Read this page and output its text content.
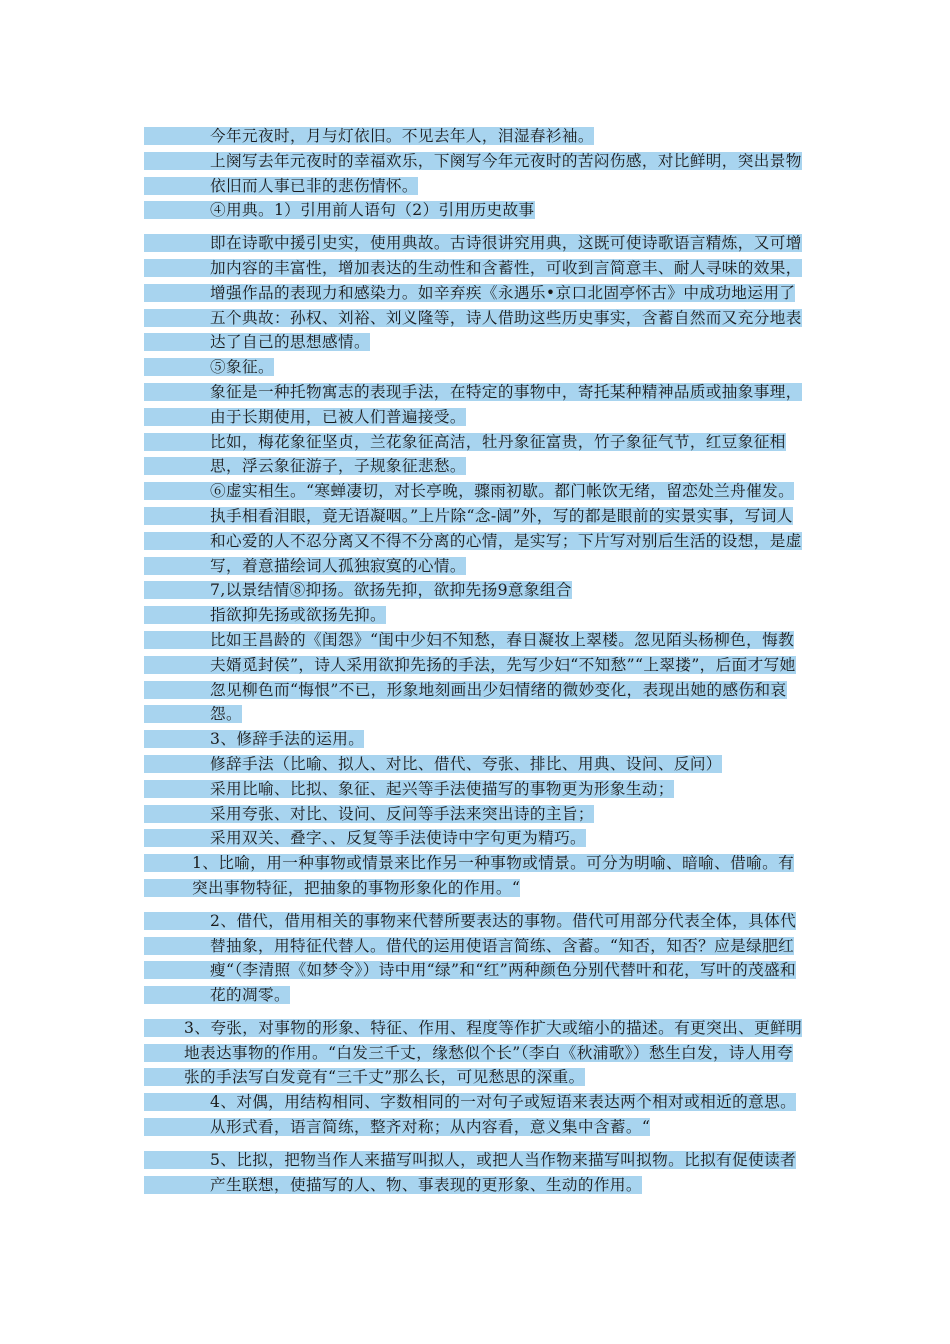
今年元夜时，月与灯依旧。不见去年人，泪湿春衫袖。

上阕写去年元夜时的幸福欢乐，下阕写今年元夜时的苦闷伤感，对比鲜明，突出景物依旧而人事已非的悲伤情怀。

④用典。1）引用前人语句（2）引用历史故事

即在诗歌中援引史实，使用典故。古诗很讲究用典，这既可使诗歌语言精炼，又可增加内容的丰富性，增加表达的生动性和含蓄性，可收到言简意丰、耐人寻味的效果，增强作品的表现力和感染力。如辛弃疾《永遇乐•京口北固亭怀古》中成功地运用了五个典故：孙权、刘裕、刘义隆等，诗人借助这些历史事实，含蓄自然而又充分地表达了自己的思想感情。

⑤象征。

象征是一种托物寓志的表现手法，在特定的事物中，寄托某种精神品质或抽象事理，由于长期使用，已被人们普遍接受。

比如，梅花象征坚贞，兰花象征高洁，牡丹象征富贵，竹子象征气节，红豆象征相思，浮云象征游子，子规象征悲愁。

⑥虚实相生。“寒蝉凄切，对长亭晚，骤雨初歇。都门帐饮无绪，留恋处兰舟催发。执手相看泪眼，竟无语凝咽。”上片除“念-阔”外，写的都是眼前的实景实事，写词人和心爱的人不忍分离又不得不分离的心情，是实写；下片写对别后生活的设想，是虚写，着意描绘词人孤独寂寞的心情。

7,以景结情⑧抑扬。欲扬先抑，欲抑先扬9意象组合

指欲抑先扬或欲扬先抑。

比如王昌龄的《闺怨》“闺中少妇不知愁，春日凝妆上翠楼。忽见陌头杨柳色，悔教夫婿觅封侯”，诗人采用欲抑先扬的手法，先写少妇“不知愁”“上翠搂”，后面才写她忽见柳色而“悔恨”不已，形象地刻画出少妇情绪的微妙变化，表现出她的感伤和哀怨。

3、修辞手法的运用。

修辞手法（比喻、拟人、对比、借代、夸张、排比、用典、设问、反问）

采用比喻、比拟、象征、起兴等手法使描写的事物更为形象生动；

采用夸张、对比、设问、反问等手法来突出诗的主旨；

采用双关、叠字、、反复等手法使诗中字句更为精巧。

1、比喻，用一种事物或情景来比作另一种事物或情景。可分为明喻、暗喻、借喻。有突出事物特征，把抽象的事物形象化的作用。“

2、借代，借用相关的事物来代替所要表达的事物。借代可用部分代表全体，具体代替抽象，用特征代替人。借代的运用使语言简练、含蓄。“知否，知否？应是绿肥红瘦“（李清照《如梦令》）诗中用“绿”和“红”两种颜色分别代替叶和花，写叶的茂盛和花的凋零。

3、夸张，对事物的形象、特征、作用、程度等作扩大或缩小的描述。有更突出、更鲜明地表达事物的作用。“白发三千丈，缘愁似个长”（李白《秋浦歌》）愁生白发，诗人用夸张的手法写白发竟有“三千丈”那么长，可见愁思的深重。

4、对偶，用结构相同、字数相同的一对句子或短语来表达两个相对或相近的意思。从形式看，语言简练，整齐对称；从内容看，意义集中含蓄。“

5、比拟，把物当作人来描写叫拟人，或把人当作物来描写叫拟物。比拟有促使读者产生联想，使描写的人、物、事表现的更形象、生动的作用。
